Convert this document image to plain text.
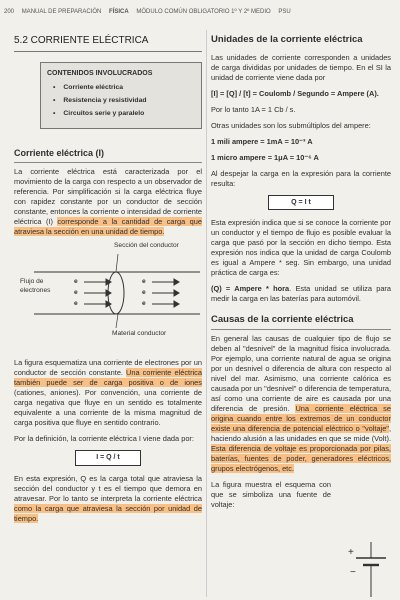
200 MANUAL DE PREPARACIÓN FÍSICA MÓDULO COMÚN OBLIGATORIO 1º Y 2º MEDIO PSU
5.2 CORRIENTE ELÉCTRICA
CONTENIDOS INVOLUCRADOS
• Corriente eléctrica
• Resistencia y resistividad
• Circuitos serie y paralelo
Corriente eléctrica (I)

La corriente eléctrica está caracterizada por el movimiento de la carga con respecto a un observador de referencia. Por simplificación si la carga eléctrica fluye con rapidez constante por un conductor de sección constante, entonces la corriente o intensidad de corriente eléctrica (I) corresponde a la cantidad de carga que atraviesa la sección en una unidad de tiempo.

Sección del conductor
Flujo de electrones
Material conductor
e
e
e
e
e
e

La figura esquematiza una corriente de electrones por un conductor de sección constante. Una corriente eléctrica también puede ser de carga positiva o de iones (cationes, aniones). Por convención, una corriente de carga negativa que fluye en un sentido es totalmente equivalente a una corriente de la misma magnitud de carga positiva que fluye en sentido contrario.

Por la definición, la corriente eléctrica I viene dada por:

I = Q / t

En esta expresión, Q es la carga total que atraviesa la sección del conductor y t es el tiempo que demora en atravesar. Por lo tanto se interpreta la corriente eléctrica como la carga que atraviesa la sección por unidad de tiempo.

Unidades de la corriente eléctrica

Las unidades de corriente corresponden a unidades de carga divididas por unidades de tiempo. En el SI la unidad de corriente viene dada por

[I] = [Q] / [t] = Coulomb / Segundo = Ampere (A).

Por lo tanto 1A = 1 Cb / s.

Otras unidades son los submúltiplos del ampere:

1 mili ampere = 1mA = 10⁻³ A

1 micro ampere = 1μA = 10⁻⁶ A

Al despejar la carga en la expresión para la corriente resulta:

Q = I t

Esta expresión indica que si se conoce la corriente por un conductor y el tiempo de flujo es posible evaluar la carga que pasó por la sección en dicho tiempo. Esta expresión nos indica que la unidad de carga Coulomb es igual a Ampere * seg. Sin embargo, una unidad práctica de carga es:

(Q) = Ampere * hora. Esta unidad se utiliza para medir la carga en las baterías para automóvil.

Causas de la corriente eléctrica

En general las causas de cualquier tipo de flujo se deben al "desnivel" de la magnitud física involucrada. Por ejemplo, una corriente natural de agua se origina por un desnivel o diferencia de altura con respecto al nivel del mar. Asimismo, una corriente calórica es causada por un "desnivel" o diferencia de temperatura, así como una corriente de aire es causada por una diferencia de presión. Una corriente eléctrica se origina cuando entre los extremos de un conductor existe una diferencia de potencial eléctrico o "voltaje", haciendo alusión a las unidades en que se mide (Volt). Esta diferencia de voltaje es proporcionada por pilas, baterías, fuentes de poder, generadores eléctricos, grupos electrógenos, etc.

La figura muestra el esquema con que se simboliza una fuente de voltaje:

+
−
